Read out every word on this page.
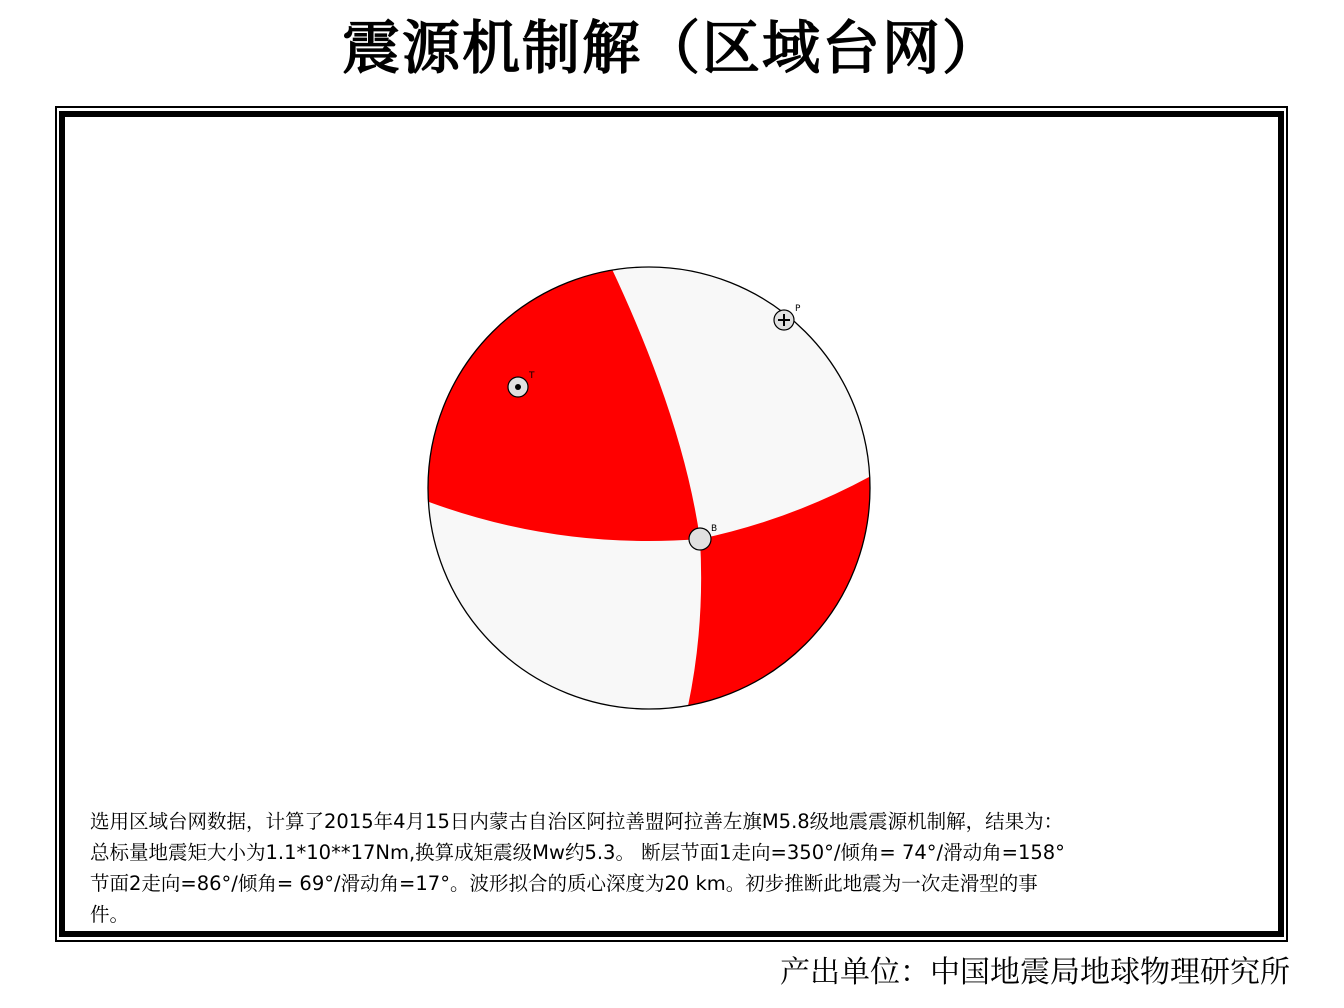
震源机制解（区域台网）
T
P
B

选用区域台网数据，计算了2015年4月15日内蒙古自治区阿拉善盟阿拉善左旗M5.8级地震震源机制解，结果为：
总标量地震矩大小为1.1*10**17Nm,换算成矩震级Mw约5.3。 断层节面1走向=350°/倾角= 74°/滑动角=158°
节面2走向=86°/倾角= 69°/滑动角=17°。波形拟合的质心深度为20 km。初步推断此地震为一次走滑型的事
件。

产出单位：中国地震局地球物理研究所
